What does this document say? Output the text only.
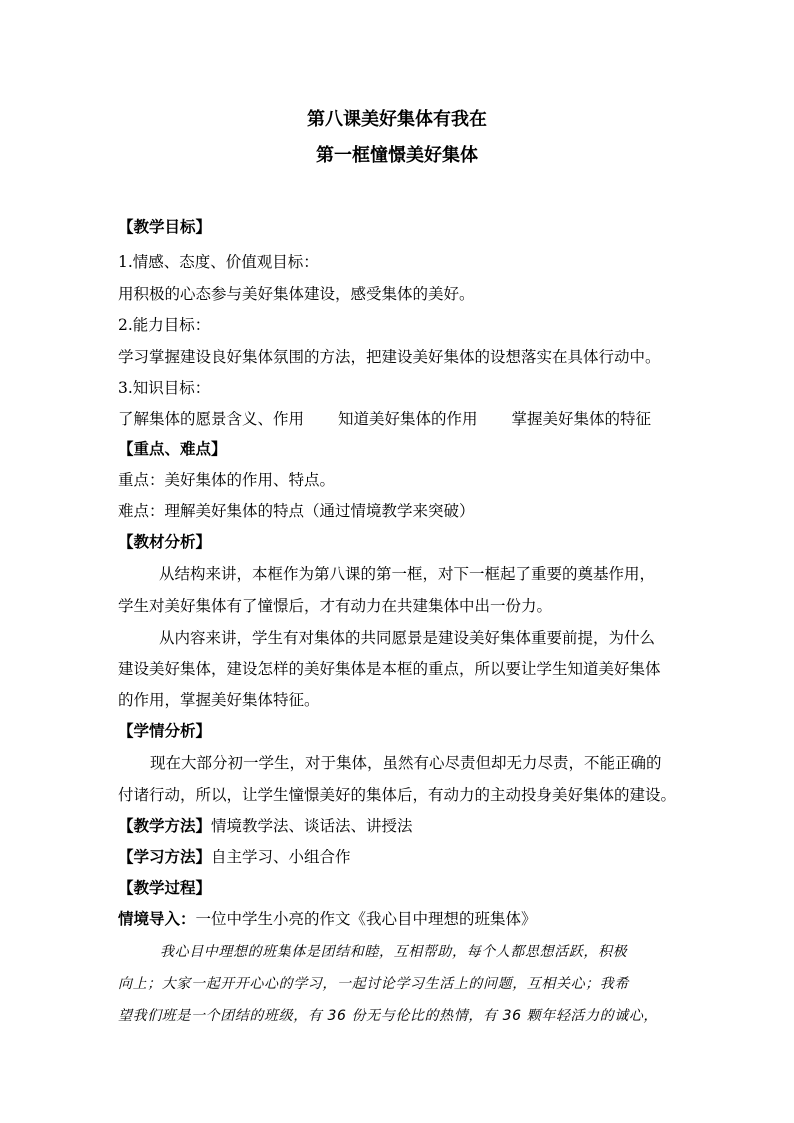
第八课美好集体有我在
第一框憧憬美好集体
【教学目标】
1.情感、态度、价值观目标：
用积极的心态参与美好集体建设，感受集体的美好。
2.能力目标：
学习掌握建设良好集体氛围的方法，把建设美好集体的设想落实在具体行动中。
3.知识目标：
了解集体的愿景含义、作用 知道美好集体的作用 掌握美好集体的特征
【重点、难点】
重点：美好集体的作用、特点。
难点：理解美好集体的特点（通过情境教学来突破）
【教材分析】
从结构来讲，本框作为第八课的第一框，对下一框起了重要的奠基作用，
学生对美好集体有了憧憬后，才有动力在共建集体中出一份力。
从内容来讲，学生有对集体的共同愿景是建设美好集体重要前提，为什么
建设美好集体，建设怎样的美好集体是本框的重点，所以要让学生知道美好集体
的作用，掌握美好集体特征。
【学情分析】
现在大部分初一学生，对于集体，虽然有心尽责但却无力尽责，不能正确的
付诸行动，所以，让学生憧憬美好的集体后，有动力的主动投身美好集体的建设。
【教学方法】情境教学法、谈话法、讲授法
【学习方法】自主学习、小组合作
【教学过程】
情境导入：一位中学生小亮的作文《我心目中理想的班集体》
我心目中理想的班集体是团结和睦，互相帮助，每个人都思想活跃，积极
向上；大家一起开开心心的学习，一起讨论学习生活上的问题，互相关心；我希
望我们班是一个团结的班级，有 36 份无与伦比的热情，有 36 颗年轻活力的诚心，
